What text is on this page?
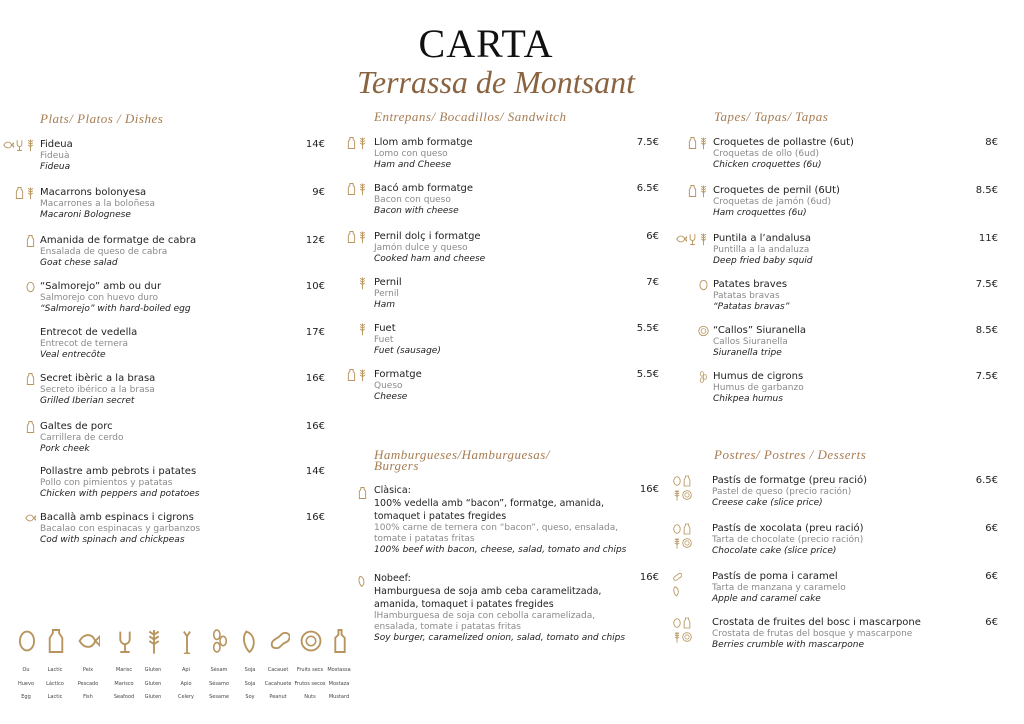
CARTA
Terrassa de Montsant
Plats/ Platos / Dishes	Entrepans/ Bocadillos/ Sandwitch	Tapes/ Tapas/ Tapas
Hamburgueses/Hamburguesas/
Burgers
Postres/ Postres / Desserts
Fideua
Fideuà
Fideua
14€
Macarrons bolonyesa
Macarrones a la boloñesa
Macaroni Bolognese
9€
Amanida de formatge de cabra
Ensalada de queso de cabra
Goat chese salad
12€
“Salmorejo” amb ou dur
Salmorejo con huevo duro
“Salmorejo” with hard-boiled egg
10€
Entrecot de vedella
Entrecot de ternera
Veal entrecôte
17€
Secret ibèric a la brasa
Secreto ibérico a la brasa
Grilled Iberian secret
16€
Galtes de porc
Carrillera de cerdo
Pork cheek
16€
Pollastre amb pebrots i patates
Pollo con pimientos y patatas
Chicken with peppers and potatoes
14€
Bacallà amb espinacs i cigrons
Bacalao con espinacas y garbanzos
Cod with spinach and chickpeas
16€
Llom amb formatge
Lomo con queso
Ham and Cheese
7.5€
Bacó amb formatge
Bacon con queso
Bacon with cheese
6.5€
Pernil dolç i formatge
Jamón dulce y queso
Cooked ham and cheese
6€
Pernil
Pernil
Ham
7€
Fuet
Fuet
Fuet (sausage)
5.5€
Formatge
Queso
Cheese
5.5€
Croquetes de pollastre (6ut)
Croquetas de ollo (6ud)
Chicken croquettes (6u)
8€
Croquetes de pernil (6Ut)
Croquetas de jamón (6ud)
Ham croquettes (6u)
8.5€
Puntila a l’andalusa
Puntilla a la andaluza
Deep fried baby squid
11€
Patates braves
Patatas bravas
“Patatas bravas”
7.5€
“Callos” Siuranella
Callos Siuranella
Siuranella tripe
8.5€
Humus de cigrons
Humus de garbanzo
Chikpea humus
7.5€
Clàsica:
100% vedella amb “bacon”, formatge, amanida, tomaquet i patates fregides
100% carne de ternera con “bacon”, queso, ensalada, tomate i patatas fritas
100% beef with bacon, cheese, salad, tomato and chips
16€
Nobeef:
Hamburguesa de soja amb ceba caramelitzada, amanida, tomaquet i patates fregides
lHamburguesa de soja con cebolla caramelizada, ensalada, tomate i patatas fritas
Soy burger, caramelized onion, salad, tomato and chips
16€
Pastís de formatge (preu ració)
Pastel de queso (precio ración)
Creese cake (slice price)
6.5€

Pastís de xocolata (preu ració)
Tarta de chocolate (precio ración)
Chocolate cake (slice price)
6€

Pastís de poma i caramel
Tarta de manzana y caramelo
Apple and caramel cake
6€

Crostata de fruites del bosc i mascarpone
Crostata de frutas del bosque y mascarpone
Berries crumble with mascarpone
6€

Ou
Huevo
Egg
Lactic
Láctico
Lactic
Peix
Pescado
Fish
Marisc
Marisco
Seafood
Gluten
Gluten
Gluten
Api
Apio
Celery
Sèsam
Sésamo
Sesame
Soja
Soja
Soy
Cacauet
Cacahuete
Peanut
Fruits secs
Frutos secos
Nuts
Mostassa
Mostaza
Mustard
